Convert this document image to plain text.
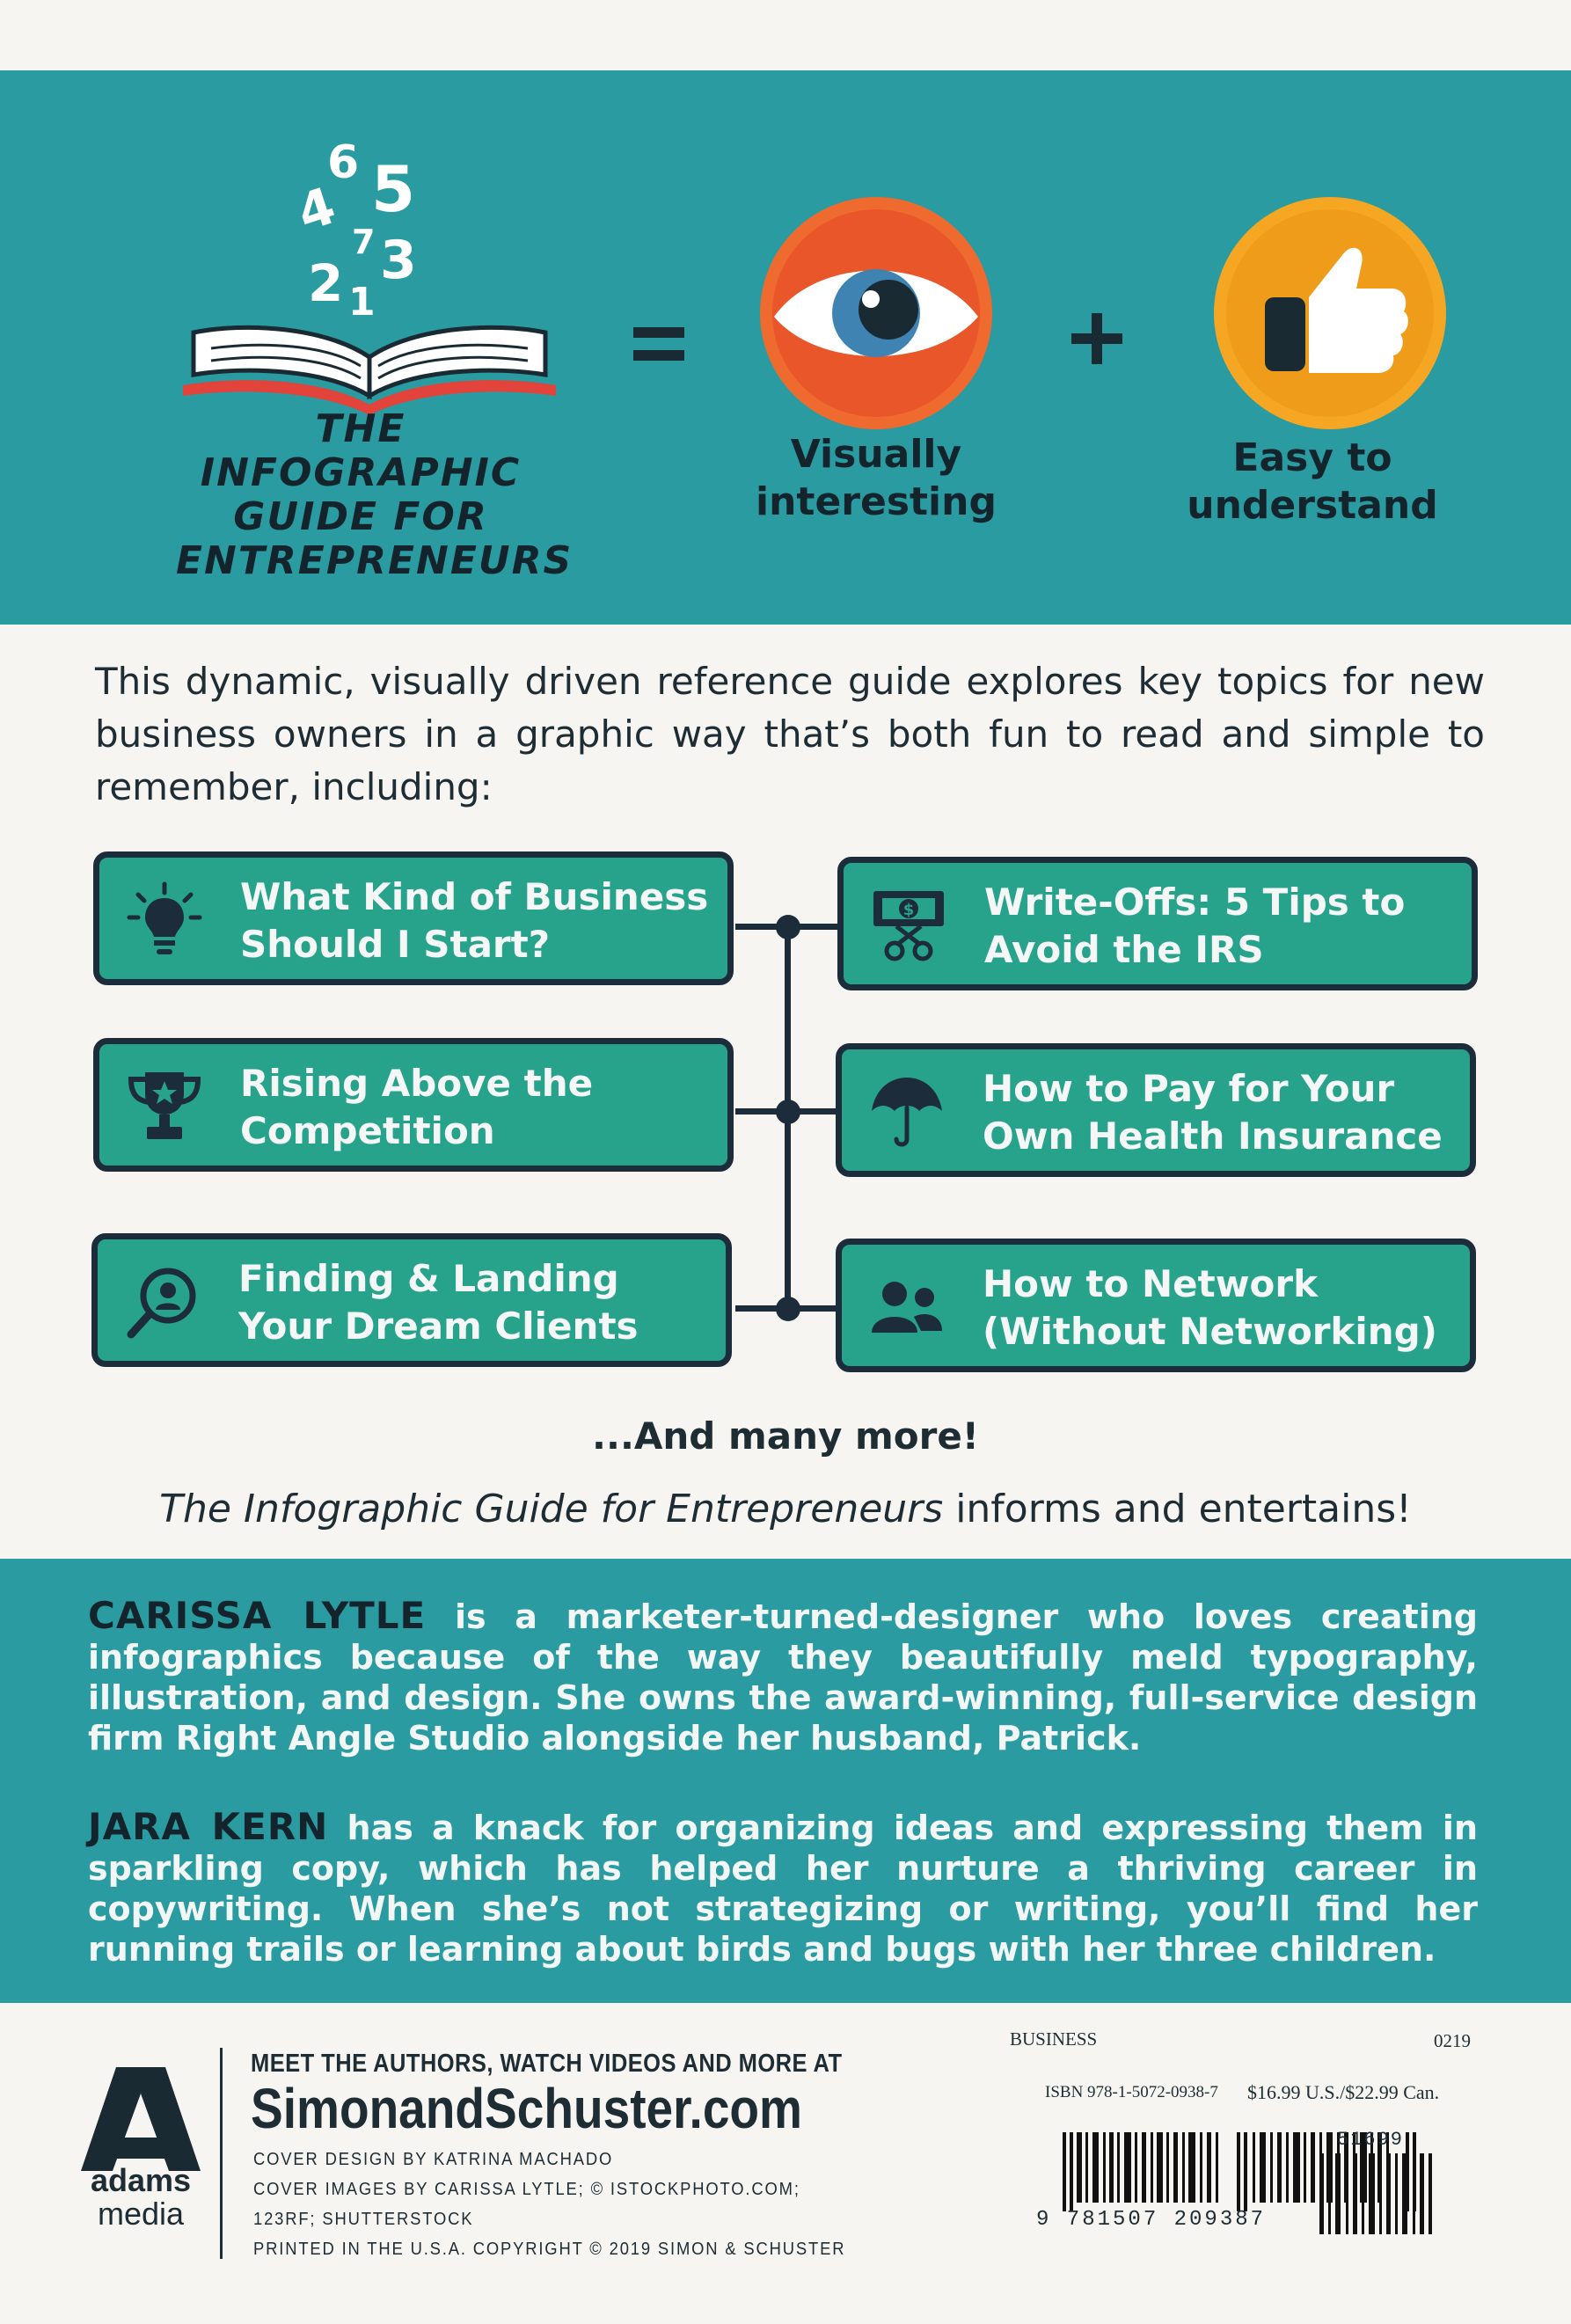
6 5
4 7 3
2 1
THE
INFOGRAPHIC
GUIDE FOR
ENTREPRENEURS
Visually
interesting
Easy to
understand
This dynamic, visually driven reference guide explores key topics for new business owners in a graphic way that’s both fun to read and simple to remember, including:
What Kind of Business
Should I Start?
$ Write-Offs: 5 Tips to
Avoid the IRS
Rising Above the
Competition
How to Pay for Your
Own Health Insurance
Finding & Landing
Your Dream Clients
How to Network
(Without Networking)
...And many more!
The Infographic Guide for Entrepreneurs informs and entertains!
CARISSA LYTLE is a marketer-turned-designer who loves creating infographics because of the way they beautifully meld typography, illustration, and design. She owns the award-winning, full-service design firm Right Angle Studio alongside her husband, Patrick.
JARA KERN has a knack for organizing ideas and expressing them in sparkling copy, which has helped her nurture a thriving career in copywriting. When she’s not strategizing or writing, you’ll find her running trails or learning about birds and bugs with her three children.
adams
media
MEET THE AUTHORS, WATCH VIDEOS AND MORE AT
SimonandSchuster.com
COVER DESIGN BY KATRINA MACHADO
COVER IMAGES BY CARISSA LYTLE; © ISTOCKPHOTO.COM;
123RF; SHUTTERSTOCK
PRINTED IN THE U.S.A. COPYRIGHT © 2019 SIMON & SCHUSTER
BUSINESS	0219
ISBN 978-1-5072-0938-7 $16.99 U.S./$22.99 Can.
9 781507 209387
51699
